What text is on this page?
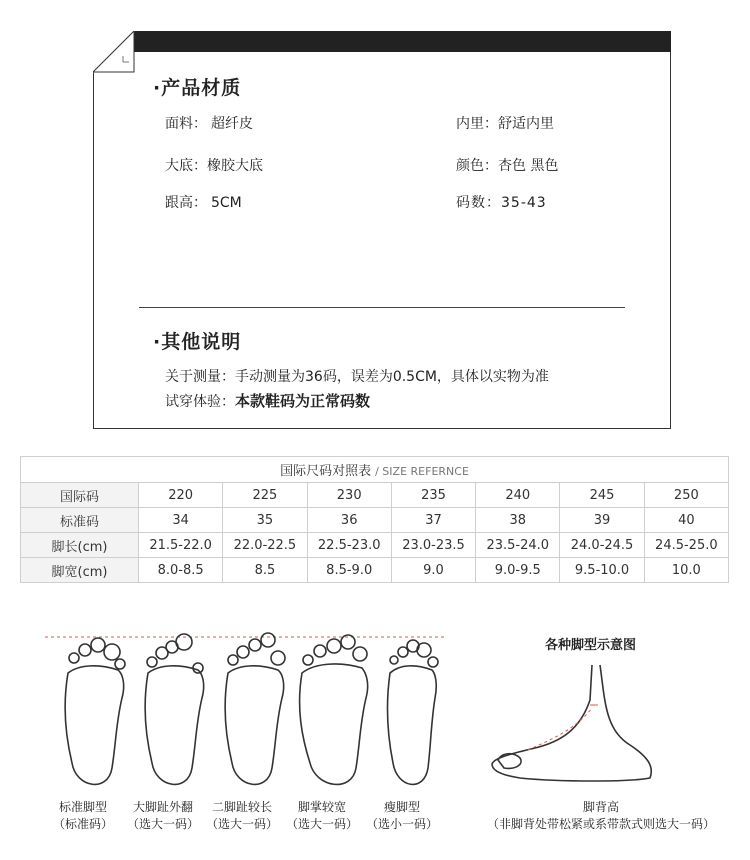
·产品材质
面料： 超纤皮	内里：舒适内里
大底：橡胶大底	颜色：杏色 黑色
跟高： 5CM	码数：35-43
·其他说明
关于测量：手动测量为36码，误差为0.5CM，具体以实物为准
试穿体验：本款鞋码为正常码数
国际尺码对照表 / SIZE REFERNCE							
国际码	220	225	230	235	240	245	250
标准码	34	35	36	37	38	39	40
脚长(cm)	21.5-22.0	22.0-22.5	22.5-23.0	23.0-23.5	23.5-24.0	24.0-24.5	24.5-25.0
脚宽(cm)	8.0-8.5	8.5	8.5-9.0	9.0	9.0-9.5	9.5-10.0	10.0
标准脚型
（标准码）
大脚趾外翻
（选大一码）
二脚趾较长
（选大一码）
脚掌较宽
（选大一码）
瘦脚型
（选小一码）
各种脚型示意图
脚背高
（非脚背处带松紧或系带款式则选大一码）
